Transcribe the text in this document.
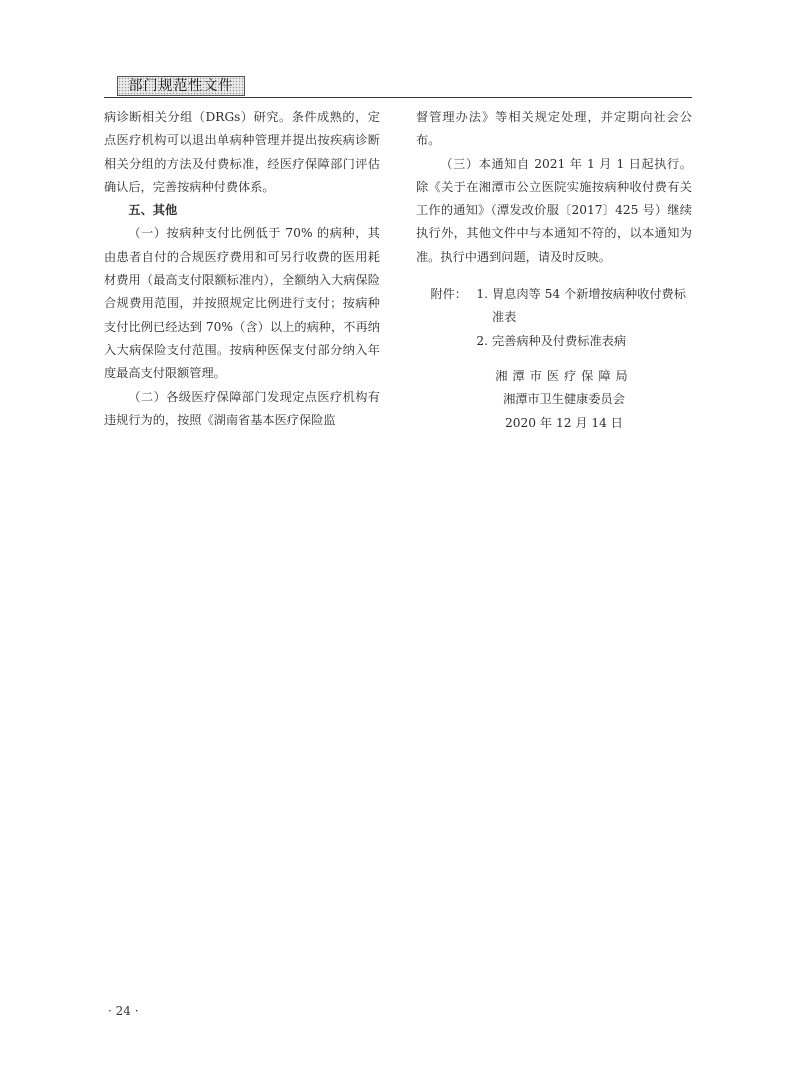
部门规范性文件

病诊断相关分组（DRGs）研究。条件成熟的，定点医疗机构可以退出单病种管理并提出按疾病诊断相关分组的方法及付费标准，经医疗保障部门评估确认后，完善按病种付费体系。

五、其他

（一）按病种支付比例低于 70% 的病种，其由患者自付的合规医疗费用和可另行收费的医用耗材费用（最高支付限额标准内），全额纳入大病保险合规费用范围，并按照规定比例进行支付；按病种支付比例已经达到 70%（含）以上的病种，不再纳入大病保险支付范围。按病种医保支付部分纳入年度最高支付限额管理。

（二）各级医疗保障部门发现定点医疗机构有违规行为的，按照《湖南省基本医疗保险监

督管理办法》等相关规定处理，并定期向社会公布。

（三）本通知自 2021 年 1 月 1 日起执行。除《关于在湘潭市公立医院实施按病种收付费有关工作的通知》（潭发改价服〔2017〕425 号）继续执行外，其他文件中与本通知不符的，以本通知为准。执行中遇到问题，请及时反映。

附件： 1. 胃息肉等 54 个新增按病种收付费标准表
2. 完善病种及付费标准表病
湘潭市医疗保障局
湘潭市卫生健康委员会
2020 年 12 月 14 日
· 24 ·
